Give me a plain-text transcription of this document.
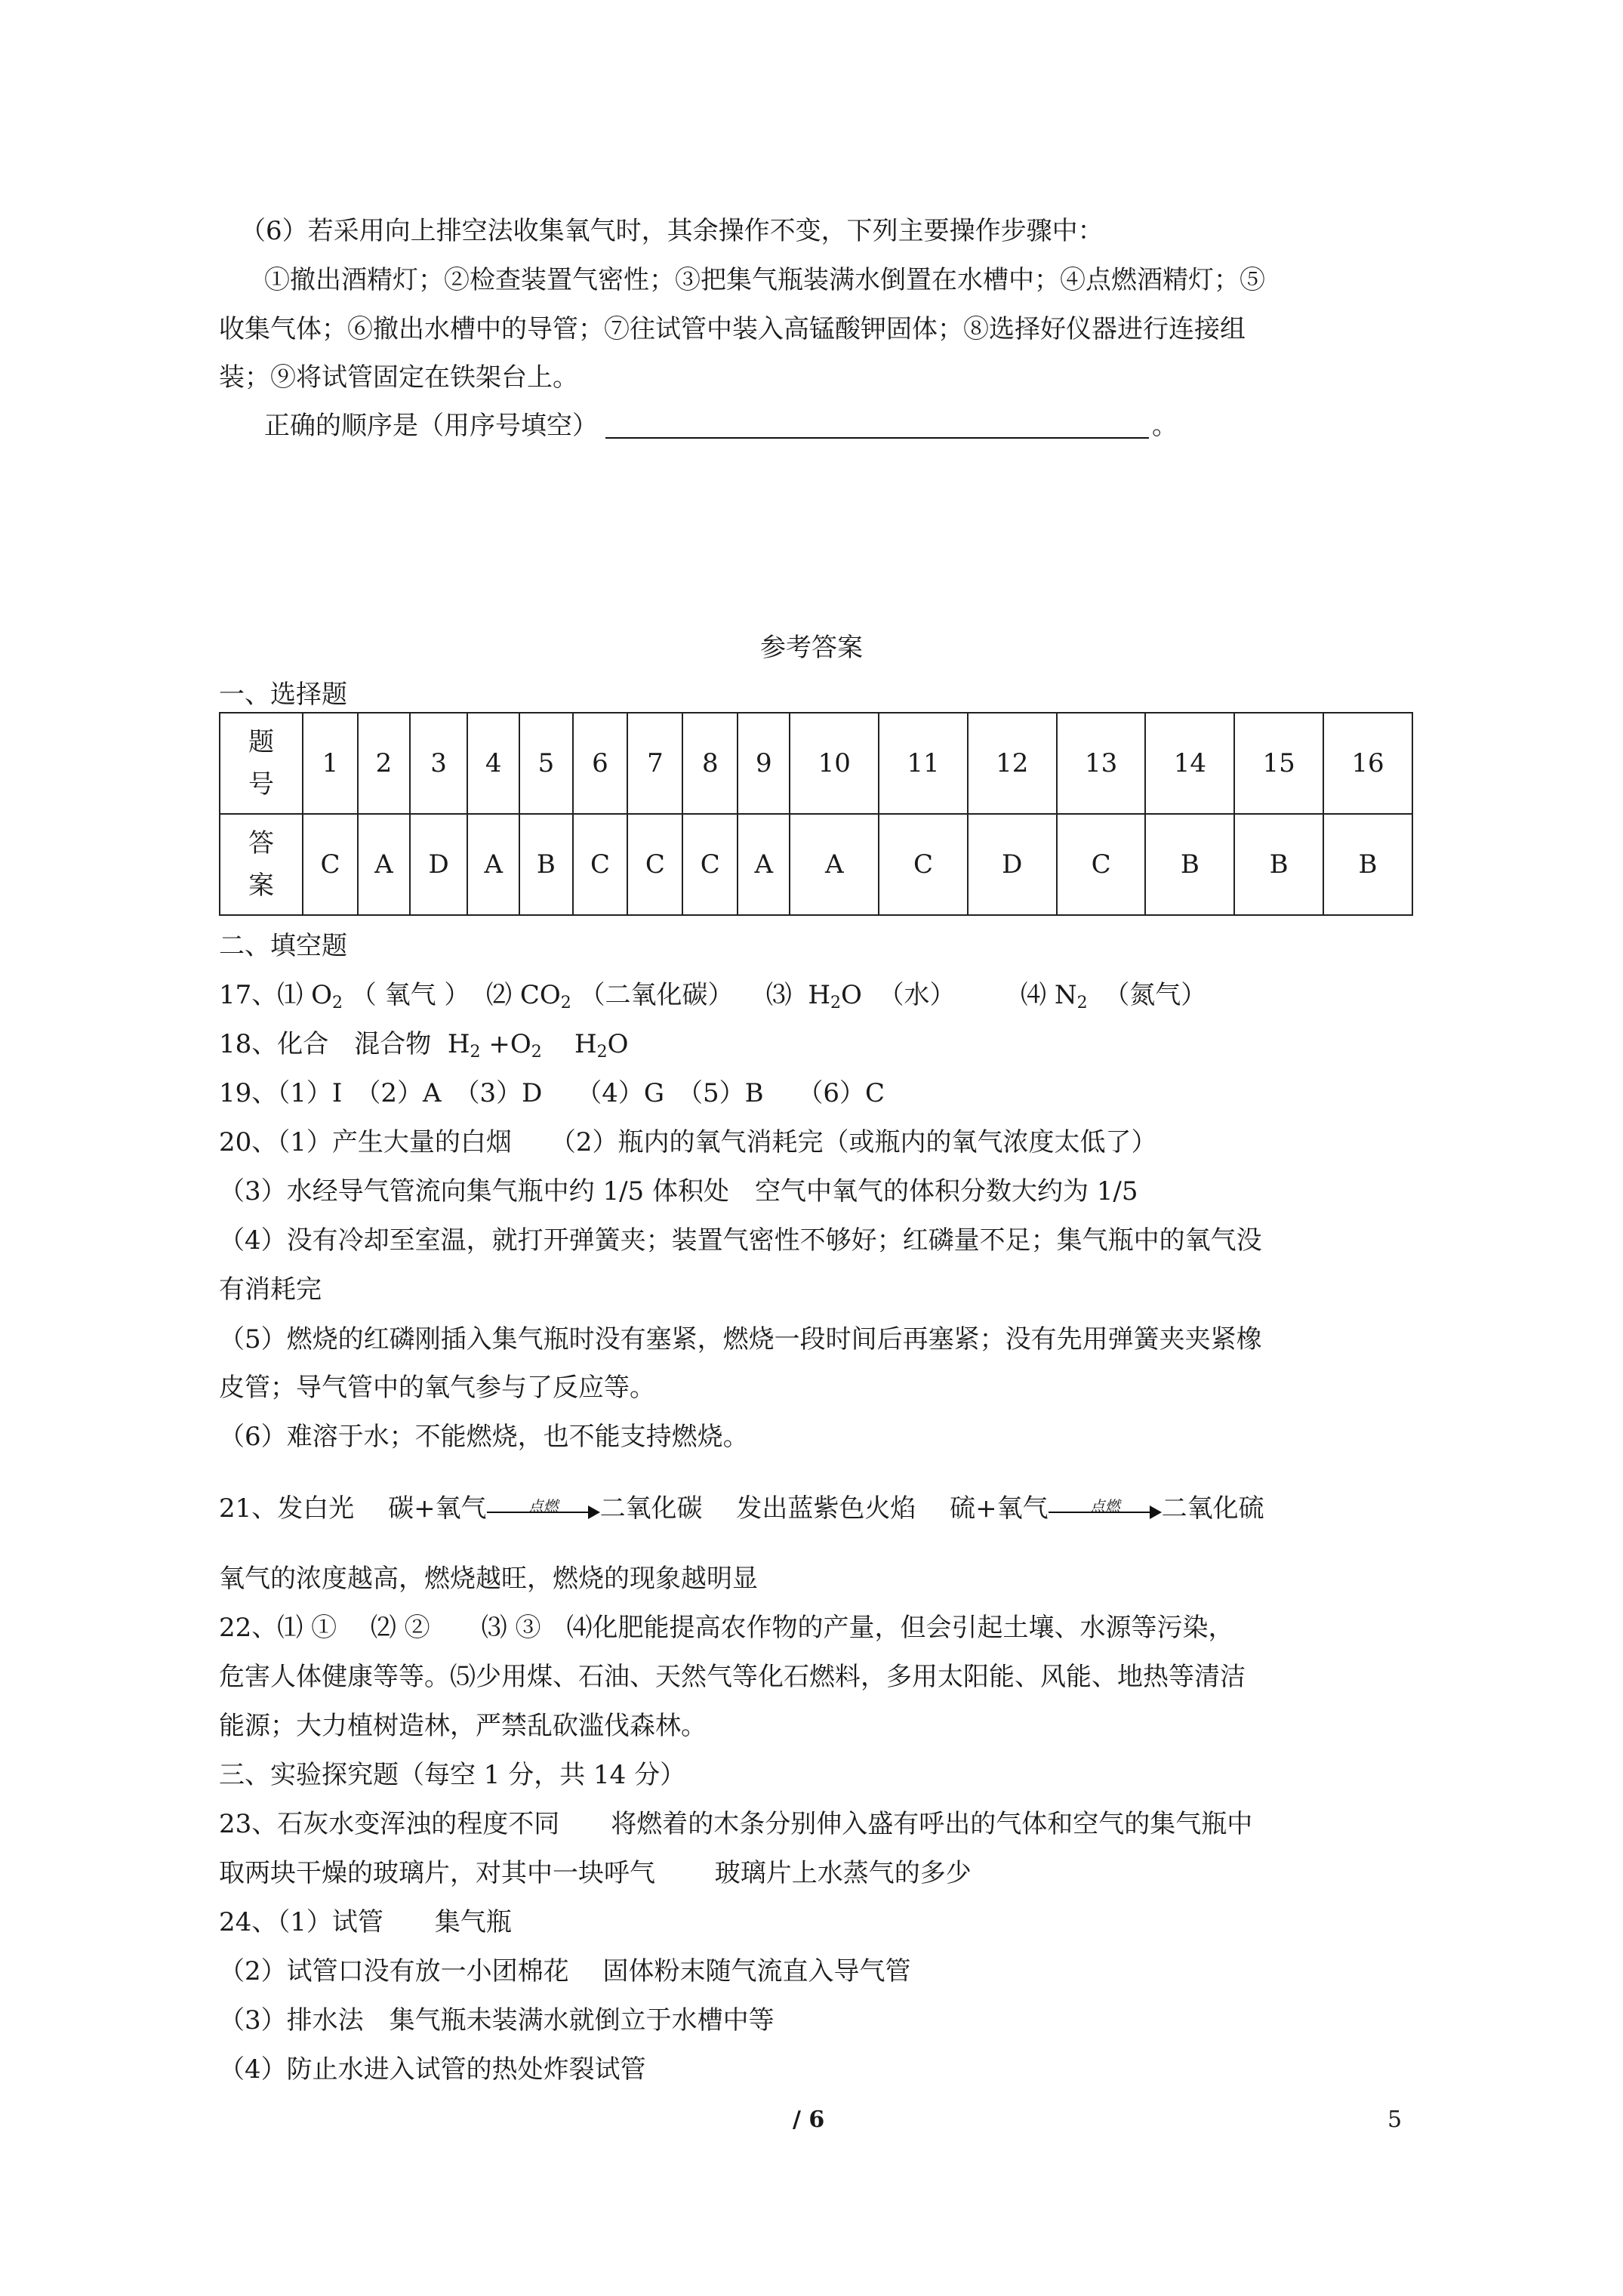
（6）若采用向上排空法收集氧气时，其余操作不变，下列主要操作步骤中：
①撤出酒精灯；②检查装置气密性；③把集气瓶装满水倒置在水槽中；④点燃酒精灯；⑤
收集气体；⑥撤出水槽中的导管；⑦往试管中装入高锰酸钾固体；⑧选择好仪器进行连接组
装；⑨将试管固定在铁架台上。
正确的顺序是（用序号填空）	。
参考答案
一、选择题
题
号	1	2	3	4	5	6	7	8	9	10	11	12	13	14	15	16

答
案	C	A	D	A	B	C	C	C	A	A	C	D	C	B	B	B
二、填空题
17、⑴ $O_2$ （ 氧气 ） ⑵ $CO_2$ （二氧化碳） ⑶ $H_2O$ （水）	⑷ $N_2$ （氮气）
18、化合　混合物 $H_2 +O_2$ $H_2O$
19、（1）I　（2）A　（3）D　 （4）G　（5）B　 （6）C
20、（1）产生大量的白烟　　（2）瓶内的氧气消耗完（或瓶内的氧气浓度太低了）
（3）水经导气管流向集气瓶中约 1/5 体积处　空气中氧气的体积分数大约为 1/5
（4）没有冷却至室温，就打开弹簧夹；装置气密性不够好；红磷量不足；集气瓶中的氧气没
有消耗完
（5）燃烧的红磷刚插入集气瓶时没有塞紧，燃烧一段时间后再塞紧；没有先用弹簧夹夹紧橡
皮管；导气管中的氧气参与了反应等。
（6）难溶于水；不能燃烧，也不能支持燃烧。
21、发白光　 碳+氧气	点燃	二氧化碳　 发出蓝紫色火焰　 硫+氧气	点燃	二氧化硫
氧气的浓度越高，燃烧越旺，燃烧的现象越明显
22、⑴ ①　 ⑵ ②　　⑶ ③　⑷化肥能提高农作物的产量，但会引起土壤、水源等污染，
危害人体健康等等。⑸少用煤、石油、天然气等化石燃料，多用太阳能、风能、地热等清洁
能源；大力植树造林，严禁乱砍滥伐森林。
三、实验探究题（每空 1 分，共 14 分）
23、石灰水变浑浊的程度不同　　将燃着的木条分别伸入盛有呼出的气体和空气的集气瓶中
取两块干燥的玻璃片，对其中一块呼气　　 玻璃片上水蒸气的多少
24、（1）试管　　集气瓶
（2）试管口没有放一小团棉花　 固体粉末随气流直入导气管
（3）排水法　集气瓶未装满水就倒立于水槽中等
（4）防止水进入试管的热处炸裂试管
/ 6	5
